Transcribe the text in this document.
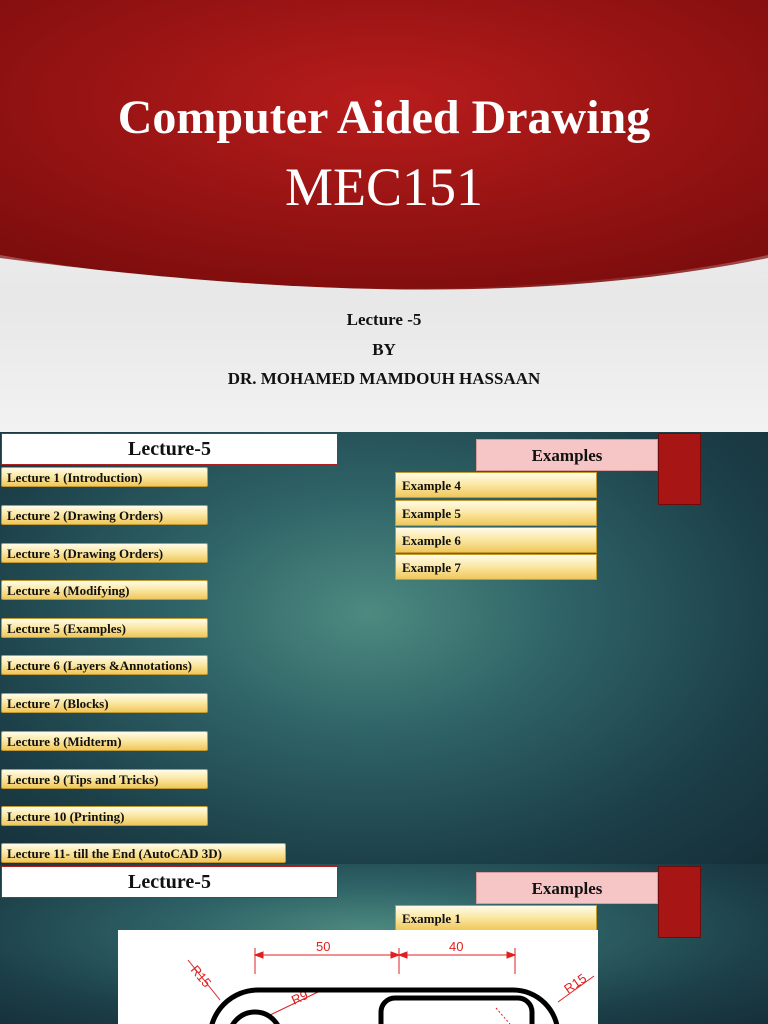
Computer Aided Drawing
MEC151
Lecture -5
BY
DR. MOHAMED MAMDOUH HASSAAN
Lecture-5	Examples
Lecture 1 (Introduction)
Lecture 2 (Drawing Orders)
Lecture 3 (Drawing Orders)
Lecture 4 (Modifying)
Lecture 5 (Examples)
Lecture 6 (Layers &Annotations)
Lecture 7 (Blocks)
Lecture 8 (Midterm)
Lecture 9 (Tips and Tricks)
Lecture 10 (Printing)
Lecture 11- till the End (AutoCAD 3D)
Example 4
Example 5
Example 6
Example 7
Lecture-5	Examples
Example 1
50	40
R15
R9
R15
